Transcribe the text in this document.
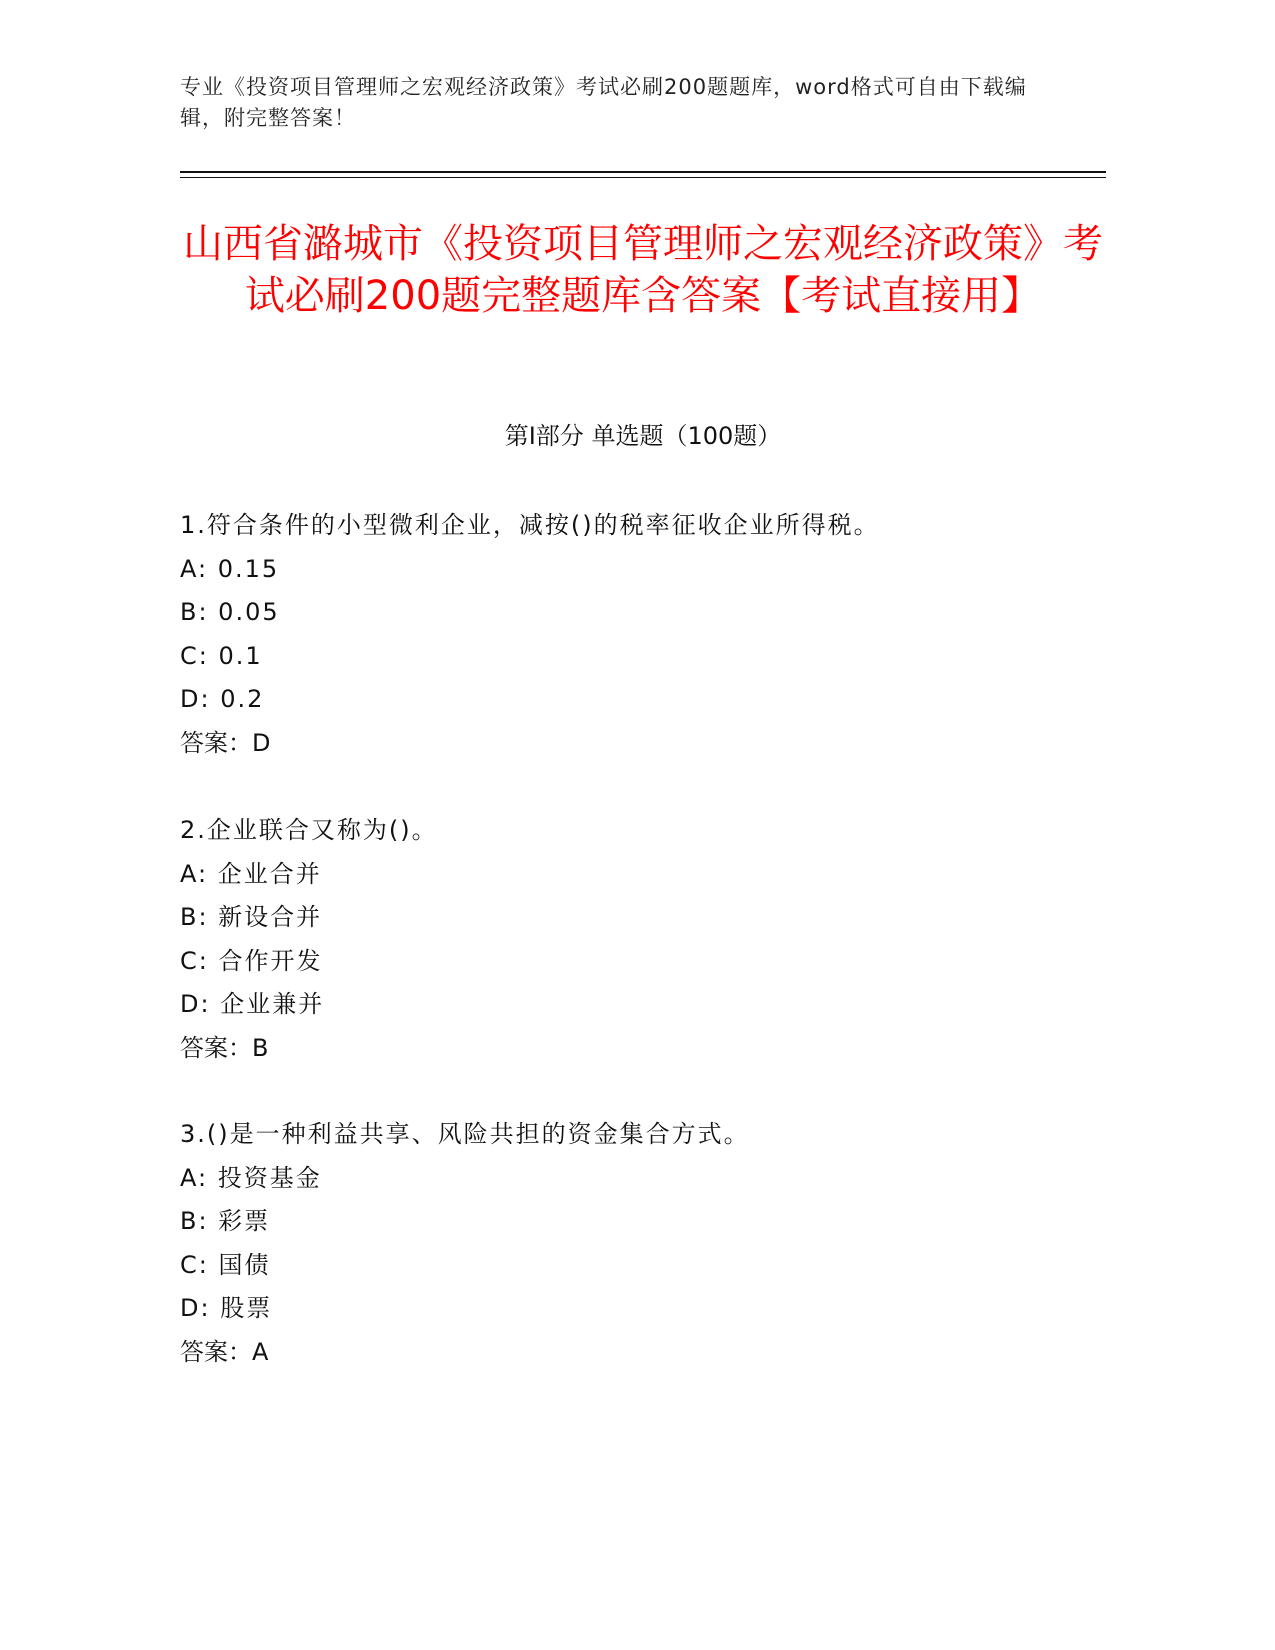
专业《投资项目管理师之宏观经济政策》考试必刷200题题库，word格式可自由下载编辑，附完整答案！
山西省潞城市《投资项目管理师之宏观经济政策》考试必刷200题完整题库含答案【考试直接用】
第I部分 单选题（100题）
1.符合条件的小型微利企业，减按()的税率征收企业所得税。
A: 0.15
B: 0.05
C: 0.1
D: 0.2
答案：D
2.企业联合又称为()。
A: 企业合并
B: 新设合并
C: 合作开发
D: 企业兼并
答案：B
3.()是一种利益共享、风险共担的资金集合方式。
A: 投资基金
B: 彩票
C: 国债
D: 股票
答案：A
